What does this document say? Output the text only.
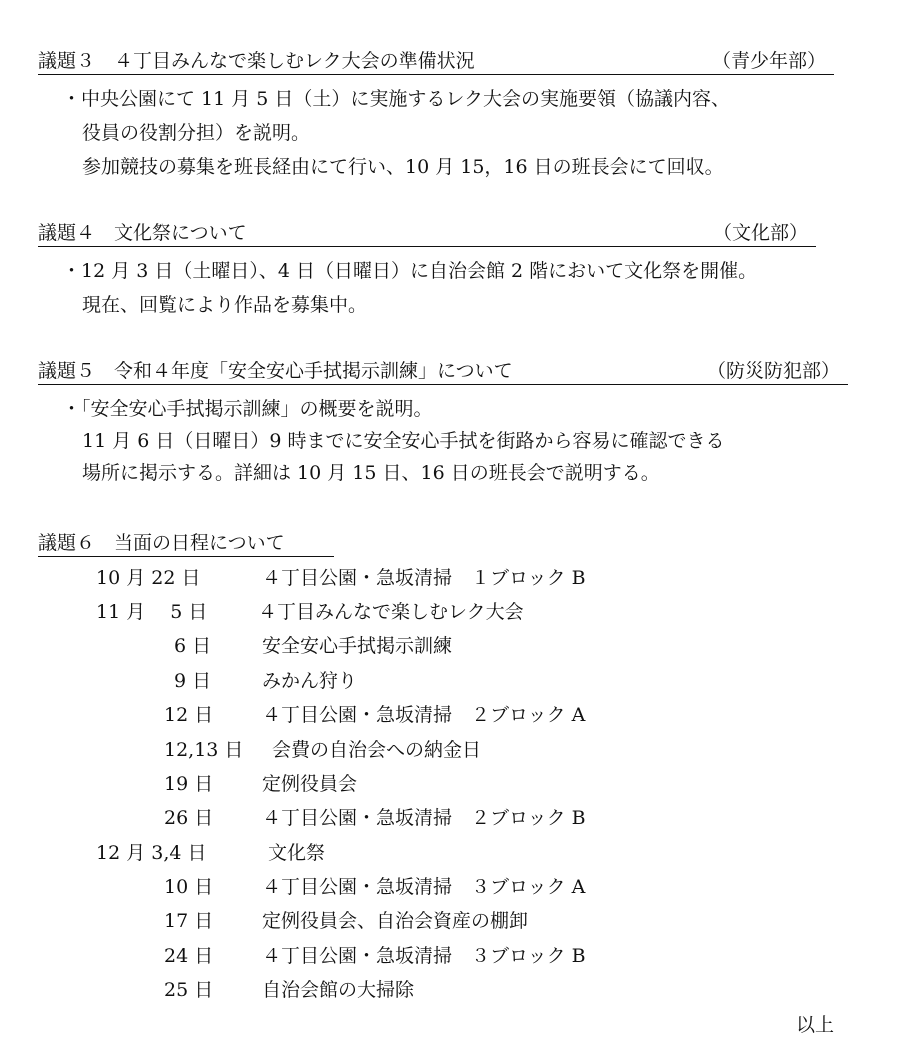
議題３　４丁目みんなで楽しむレク大会の準備状況	（青少年部）
・中央公園にて 11 月 5 日（土）に実施するレク大会の実施要領（協議内容、
役員の役割分担）を説明。
参加競技の募集を班長経由にて行い、10 月 15，16 日の班長会にて回収。
議題４　文化祭について	（文化部）
・12 月 3 日（土曜日）、4 日（日曜日）に自治会館 2 階において文化祭を開催。
現在、回覧により作品を募集中。
議題５　令和４年度「安全安心手拭掲示訓練」について	（防災防犯部）
・「安全安心手拭掲示訓練」の概要を説明。
11 月 6 日（日曜日）9 時までに安全安心手拭を街路から容易に確認できる
場所に掲示する。詳細は 10 月 15 日、16 日の班長会で説明する。
議題６　当面の日程について
10 月 22 日	４丁目公園・急坂清掃　１ブロック B
11 月　 5 日	４丁目みんなで楽しむレク大会
6 日	安全安心手拭掲示訓練
9 日	みかん狩り
12 日	４丁目公園・急坂清掃　２ブロック A
12,13 日 会費の自治会への納金日
19 日	定例役員会
26 日	４丁目公園・急坂清掃　２ブロック B
12 月 3,4 日	文化祭
10 日	４丁目公園・急坂清掃　３ブロック A
17 日	定例役員会、自治会資産の棚卸
24 日	４丁目公園・急坂清掃　３ブロック B
25 日	自治会館の大掃除
以上
